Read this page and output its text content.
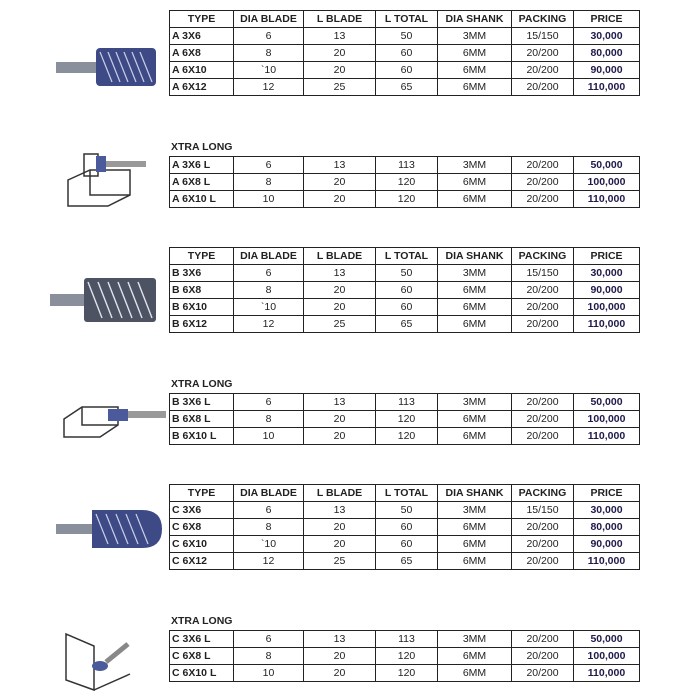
XTRA LONG
XTRA LONG
XTRA LONG
TYPE	DIA BLADE	L BLADE	L TOTAL	DIA SHANK	PACKING	PRICE
A 3X6	6	13	50	3MM	15/150	30,000
A 6X8	8	20	60	6MM	20/200	80,000
A 6X10	`10	20	60	6MM	20/200	90,000
A 6X12	12	25	65	6MM	20/200	110,000
A 3X6 L	6	13	113	3MM	20/200	50,000
A 6X8 L	8	20	120	6MM	20/200	100,000
A 6X10 L	10	20	120	6MM	20/200	110,000
TYPE	DIA BLADE	L BLADE	L TOTAL	DIA SHANK	PACKING	PRICE
B 3X6	6	13	50	3MM	15/150	30,000
B 6X8	8	20	60	6MM	20/200	90,000
B 6X10	`10	20	60	6MM	20/200	100,000
B 6X12	12	25	65	6MM	20/200	110,000
B 3X6 L	6	13	113	3MM	20/200	50,000
B 6X8 L	8	20	120	6MM	20/200	100,000
B 6X10 L	10	20	120	6MM	20/200	110,000
TYPE	DIA BLADE	L BLADE	L TOTAL	DIA SHANK	PACKING	PRICE
C 3X6	6	13	50	3MM	15/150	30,000
C 6X8	8	20	60	6MM	20/200	80,000
C 6X10	`10	20	60	6MM	20/200	90,000
C 6X12	12	25	65	6MM	20/200	110,000
C 3X6 L	6	13	113	3MM	20/200	50,000
C 6X8 L	8	20	120	6MM	20/200	100,000
C 6X10 L	10	20	120	6MM	20/200	110,000
